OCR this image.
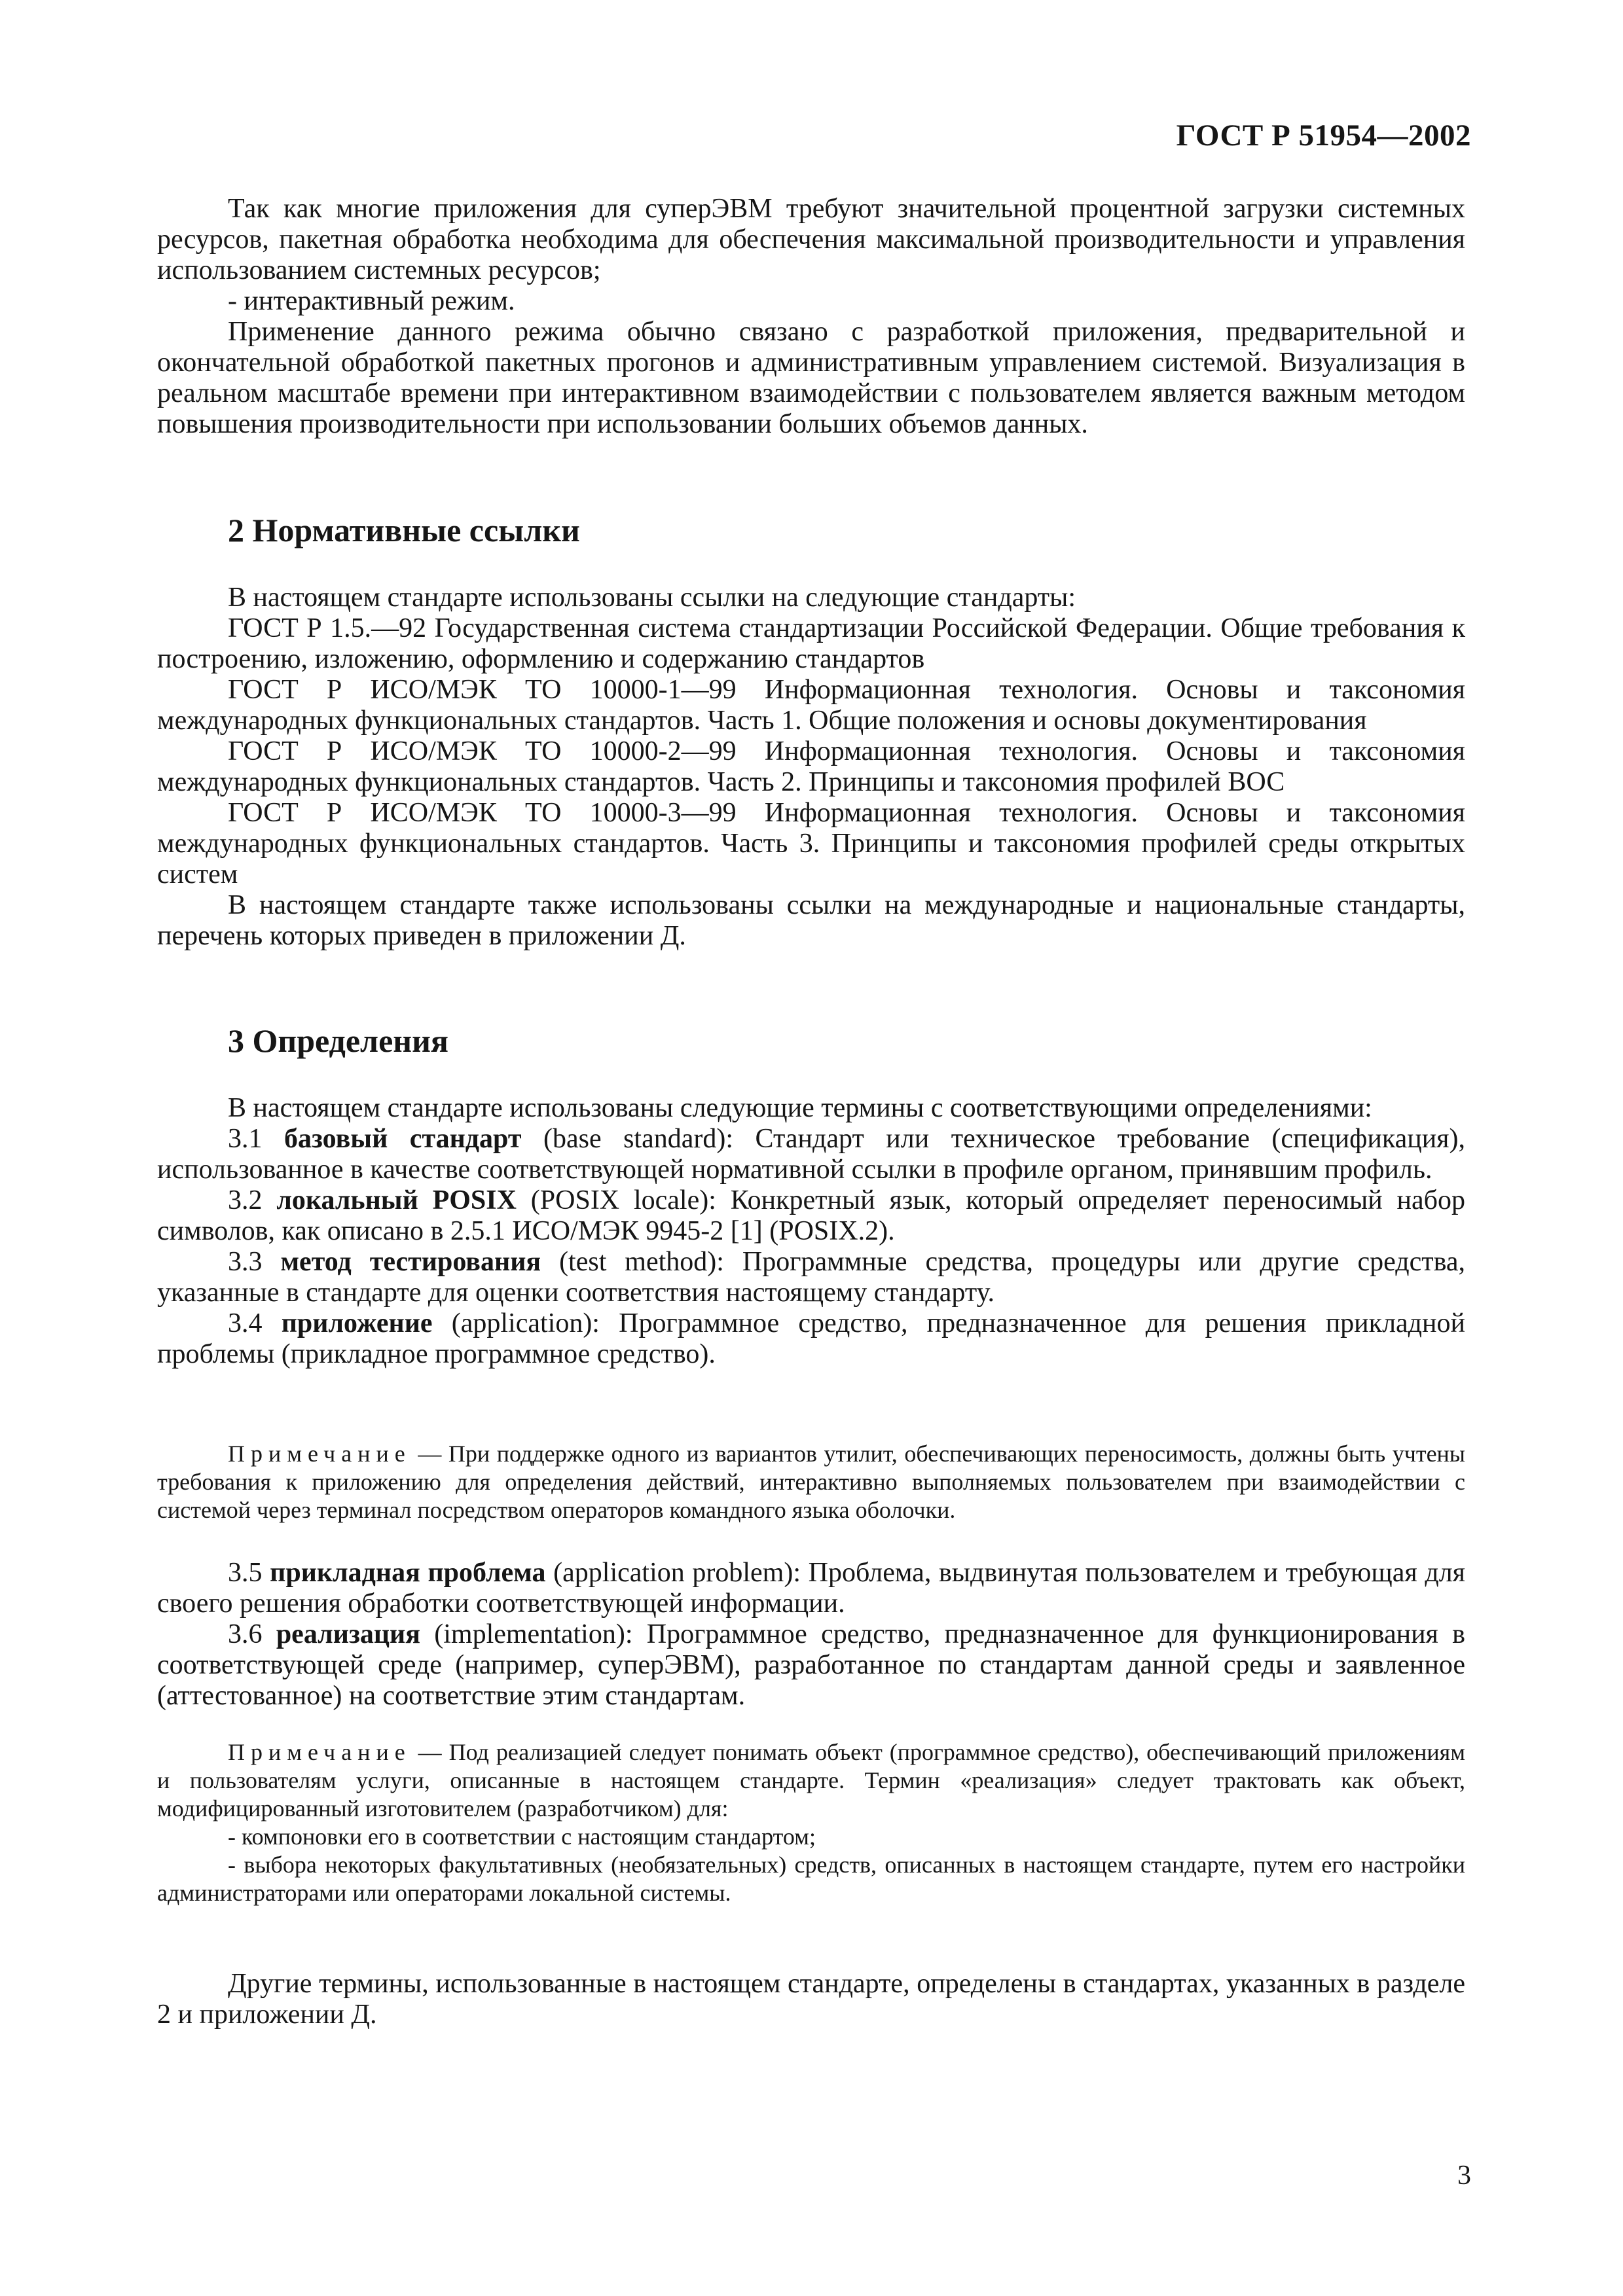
ГОСТ Р 51954—2002

Так как многие приложения для суперЭВМ требуют значительной процентной загрузки системных ресурсов, пакетная обработка необходима для обеспечения максимальной производительности и управления использованием системных ресурсов;

- интерактивный режим.

Применение данного режима обычно связано с разработкой приложения, предварительной и окончательной обработкой пакетных прогонов и административным управлением системой. Визуализация в реальном масштабе времени при интерактивном взаимодействии с пользователем является важным методом повышения производительности при использовании больших объемов данных.

2 Нормативные ссылки

В настоящем стандарте использованы ссылки на следующие стандарты:

ГОСТ Р 1.5.—92 Государственная система стандартизации Российской Федерации. Общие требования к построению, изложению, оформлению и содержанию стандартов

ГОСТ Р ИСО/МЭК ТО 10000-1—99 Информационная технология. Основы и таксономия международных функциональных стандартов. Часть 1. Общие положения и основы документирования

ГОСТ Р ИСО/МЭК ТО 10000-2—99 Информационная технология. Основы и таксономия международных функциональных стандартов. Часть 2. Принципы и таксономия профилей ВОС

ГОСТ Р ИСО/МЭК ТО 10000-3—99 Информационная технология. Основы и таксономия международных функциональных стандартов. Часть 3. Принципы и таксономия профилей среды открытых систем

В настоящем стандарте также использованы ссылки на международные и национальные стандарты, перечень которых приведен в приложении Д.

3 Определения

В настоящем стандарте использованы следующие термины с соответствующими определениями:

3.1 базовый стандарт (base standard): Стандарт или техническое требование (спецификация), использованное в качестве соответствующей нормативной ссылки в профиле органом, принявшим профиль.

3.2 локальный POSIX (POSIX locale): Конкретный язык, который определяет переносимый набор символов, как описано в 2.5.1 ИСО/МЭК 9945-2 [1] (POSIX.2).

3.3 метод тестирования (test method): Программные средства, процедуры или другие средства, указанные в стандарте для оценки соответствия настоящему стандарту.

3.4 приложение (application): Программное средство, предназначенное для решения прикладной проблемы (прикладное программное средство).

Примечание — При поддержке одного из вариантов утилит, обеспечивающих переносимость, должны быть учтены требования к приложению для определения действий, интерактивно выполняемых пользователем при взаимодействии с системой через терминал посредством операторов командного языка оболочки.

3.5 прикладная проблема (application problem): Проблема, выдвинутая пользователем и требующая для своего решения обработки соответствующей информации.

3.6 реализация (implementation): Программное средство, предназначенное для функционирования в соответствующей среде (например, суперЭВМ), разработанное по стандартам данной среды и заявленное (аттестованное) на соответствие этим стандартам.

Примечание — Под реализацией следует понимать объект (программное средство), обеспечивающий приложениям и пользователям услуги, описанные в настоящем стандарте. Термин «реализация» следует трактовать как объект, модифицированный изготовителем (разработчиком) для:

- компоновки его в соответствии с настоящим стандартом;

- выбора некоторых факультативных (необязательных) средств, описанных в настоящем стандарте, путем его настройки администраторами или операторами локальной системы.

Другие термины, использованные в настоящем стандарте, определены в стандартах, указанных в разделе 2 и приложении Д.

3
